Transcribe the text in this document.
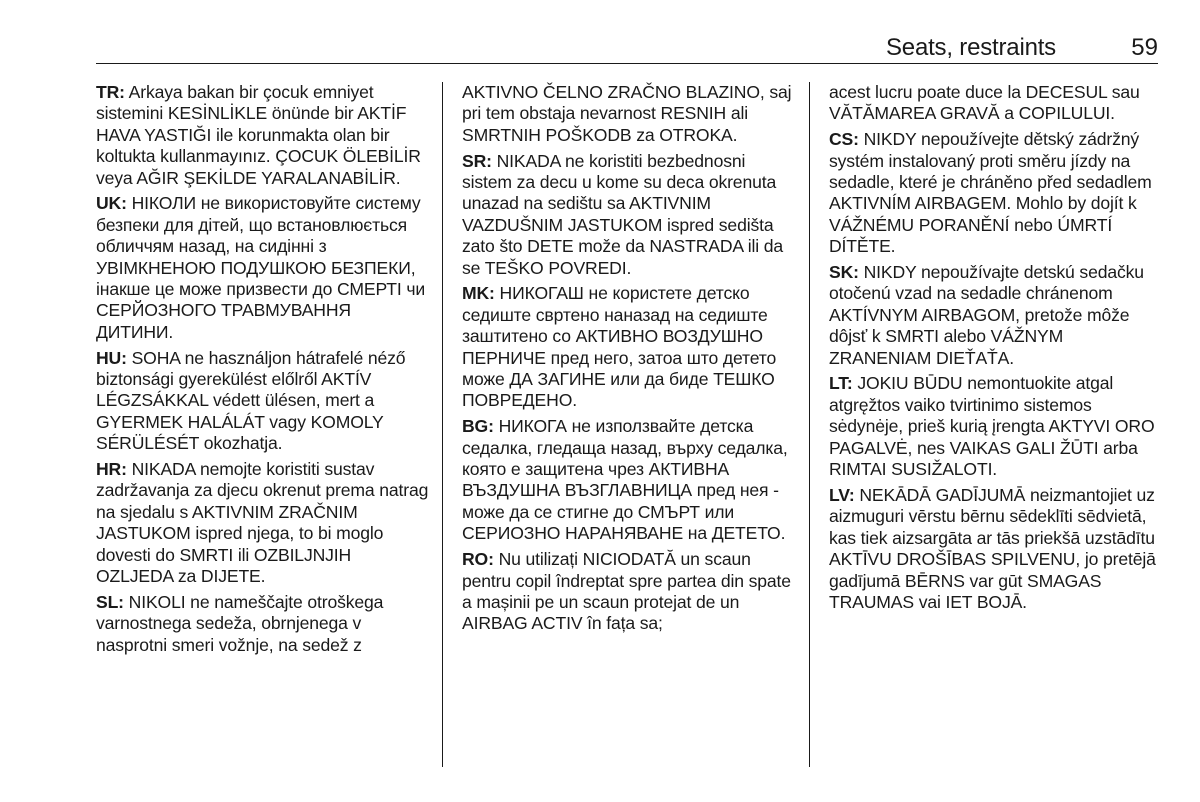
Seats, restraints	59

TR: Arkaya bakan bir çocuk emniyet sistemini KESİNLİKLE önünde bir AKTİF HAVA YASTIĞI ile korunmakta olan bir koltukta kullanmayınız. ÇOCUK ÖLEBİLİR veya AĞIR ŞEKİLDE YARALANABİLİR.

UK: НІКОЛИ не використовуйте систему безпеки для дітей, що встановлюється обличчям назад, на сидінні з УВІМКНЕНОЮ ПОДУШКОЮ БЕЗПЕКИ, інакше це може призвести до СМЕРТІ чи СЕРЙОЗНОГО ТРАВМУВАННЯ ДИТИНИ.

HU: SOHA ne használjon hátrafelé néző biztonsági gyerekülést előlről AKTÍV LÉGZSÁKKAL védett ülésen, mert a GYERMEK HALÁLÁT vagy KOMOLY SÉRÜLÉSÉT okozhatja.

HR: NIKADA nemojte koristiti sustav zadržavanja za djecu okrenut prema natrag na sjedalu s AKTIVNIM ZRAČNIM JASTUKOM ispred njega, to bi moglo dovesti do SMRTI ili OZBILJNJIH OZLJEDA za DIJETE.

SL: NIKOLI ne nameščajte otroškega varnostnega sedeža, obrnjenega v nasprotni smeri vožnje, na sedež z

AKTIVNO ČELNO ZRAČNO BLAZINO, saj pri tem obstaja nevarnost RESNIH ali SMRTNIH POŠKODB za OTROKA.

SR: NIKADA ne koristiti bezbednosni sistem za decu u kome su deca okrenuta unazad na sedištu sa AKTIVNIM VAZDUŠNIM JASTUKOM ispred sedišta zato što DETE može da NASTRADA ili da se TEŠKO POVREDI.

MK: НИКОГАШ не користете детско седиште свртено наназад на седиште заштитено со АКТИВНО ВОЗДУШНО ПЕРНИЧЕ пред него, затоа што детето може ДА ЗАГИНЕ или да биде ТЕШКО ПОВРЕДЕНО.

BG: НИКОГА не използвайте детска седалка, гледаща назад, върху седалка, която е защитена чрез АКТИВНА ВЪЗДУШНА ВЪЗГЛАВНИЦА пред нея - може да се стигне до СМЪРТ или СЕРИОЗНО НАРАНЯВАНЕ на ДЕТЕТО.

RO: Nu utilizați NICIODATĂ un scaun pentru copil îndreptat spre partea din spate a mașinii pe un scaun protejat de un AIRBAG ACTIV în fața sa;

acest lucru poate duce la DECESUL sau VĂTĂMAREA GRAVĂ a COPILULUI.

CS: NIKDY nepoužívejte dětský zádržný systém instalovaný proti směru jízdy na sedadle, které je chráněno před sedadlem AKTIVNÍM AIRBAGEM. Mohlo by dojít k VÁŽNÉMU PORANĚNÍ nebo ÚMRTÍ DÍTĚTE.

SK: NIKDY nepoužívajte detskú sedačku otočenú vzad na sedadle chránenom AKTÍVNYM AIRBAGOM, pretože môže dôjsť k SMRTI alebo VÁŽNYM ZRANENIAM DIEŤAŤA.

LT: JOKIU BŪDU nemontuokite atgal atgręžtos vaiko tvirtinimo sistemos sėdynėje, prieš kurią įrengta AKTYVI ORO PAGALVĖ, nes VAIKAS GALI ŽŪTI arba RIMTAI SUSIŽALOTI.

LV: NEKĀDĀ GADĪJUMĀ neizmantojiet uz aizmuguri vērstu bērnu sēdeklīti sēdvietā, kas tiek aizsargāta ar tās priekšā uzstādītu AKTĪVU DROŠĪBAS SPILVENU, jo pretējā gadījumā BĒRNS var gūt SMAGAS TRAUMAS vai IET BOJĀ.
